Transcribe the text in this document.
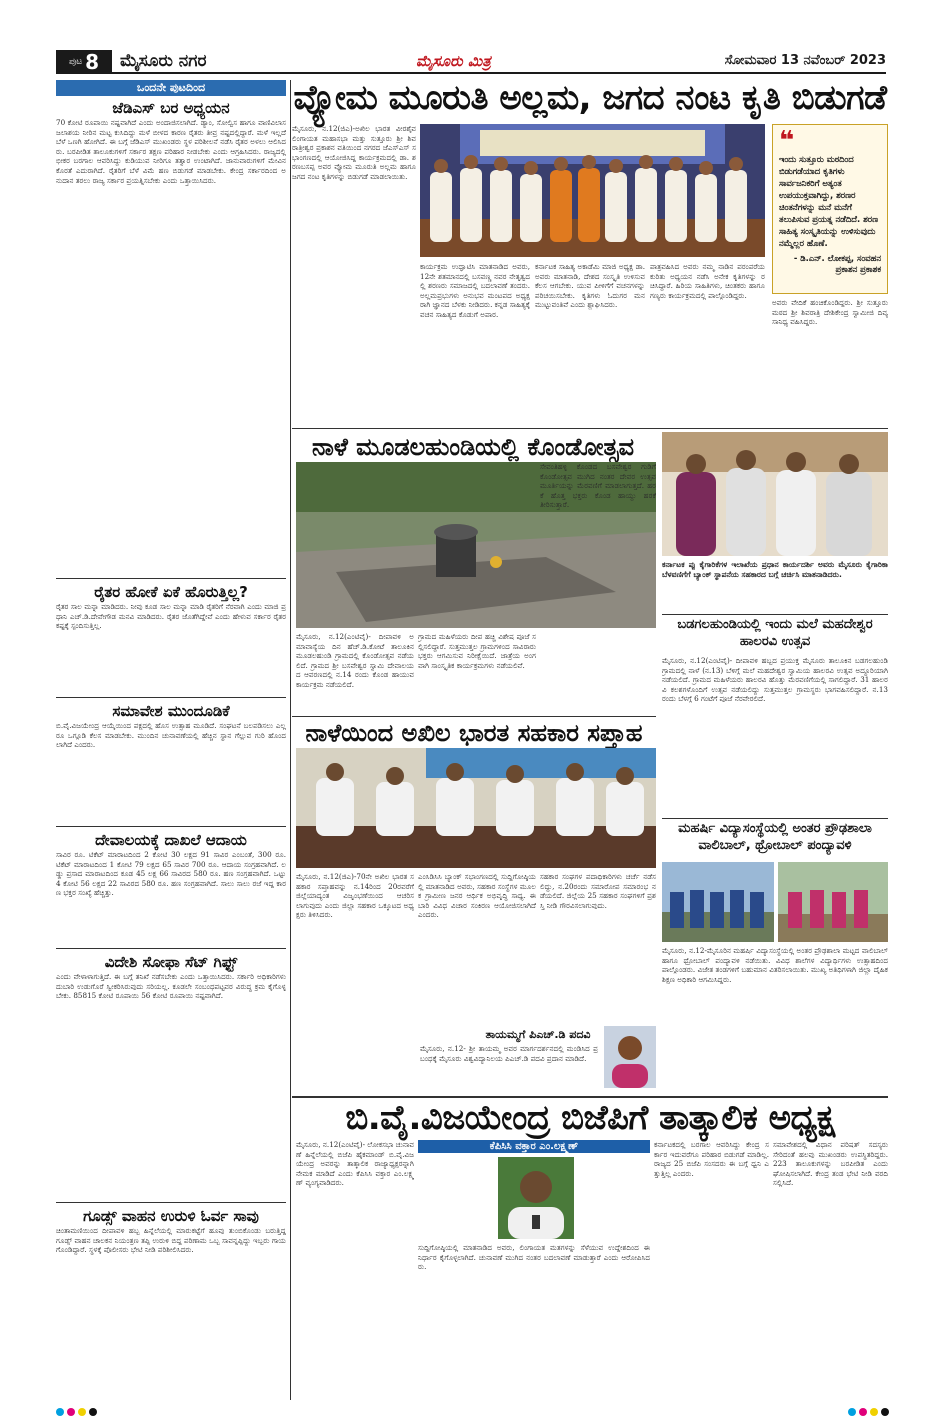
ಪುಟ 8 ಮೈಸೂರು ನಗರ	ಮೈಸೂರು ಮಿತ್ರ	ಸೋಮವಾರ 13 ನವೆಂಬರ್ 2023
ಒಂದನೇ ಪುಟದಿಂದ
ಜೆಡಿಎಸ್ ಬರ ಅಧ್ಯಯನ
70 ಕೋಟಿ ರೂಪಾಯಿ ನಷ್ಟವಾಗಿದೆ ಎಂದು ಅಂದಾಜಿಸಲಾಗಿದೆ. ಡ್ಯಾಂ, ಸೋಲ್ವಿಸ ಹಾಗೂ ವಾಣಿವಿಲಾಸ ಜಲಾಶಯ ನೀರಿನ ಮಟ್ಟ ಕುಸಿದಿದ್ದು ಮಳೆ ಬೀಳದ ಕಾರಣ ರೈತರು ತೀವ್ರ ನಷ್ಟದಲ್ಲಿದ್ದಾರೆ. ಮಳೆ ಇಲ್ಲದೆ ಬೆಳೆ ಒಣಗಿ ಹೋಗಿದೆ. ಈ ಬಗ್ಗೆ ಜೆಡಿಎಸ್ ಮುಖಂಡರು ಸ್ಥಳ ಪರಿಶೀಲನೆ ನಡೆಸಿ ರೈತರ ಅಳಲು ಆಲಿಸಿದರು. ಬರಪೀಡಿತ ತಾಲೂಕುಗಳಿಗೆ ಸರ್ಕಾರ ತಕ್ಷಣ ಪರಿಹಾರ ನೀಡಬೇಕು ಎಂದು ಆಗ್ರಹಿಸಿದರು. ರಾಜ್ಯದಲ್ಲಿ ಭೀಕರ ಬರಗಾಲ ಆವರಿಸಿದ್ದು ಕುಡಿಯುವ ನೀರಿಗೂ ತತ್ವಾರ ಉಂಟಾಗಿದೆ. ಜಾನುವಾರುಗಳಿಗೆ ಮೇವಿನ ಕೊರತೆ ಎದುರಾಗಿದೆ. ರೈತರಿಗೆ ಬೆಳೆ ವಿಮೆ ಹಣ ಬಿಡುಗಡೆ ಮಾಡಬೇಕು. ಕೇಂದ್ರ ಸರ್ಕಾರದಿಂದ ಅನುದಾನ ತರಲು ರಾಜ್ಯ ಸರ್ಕಾರ ಪ್ರಯತ್ನಿಸಬೇಕು ಎಂದು ಒತ್ತಾಯಿಸಿದರು.
ರೈತರ ಹೋಕೆ ಏಕೆ ಹೊರುತ್ತಿಲ್ಲ?
ರೈತರ ಸಾಲ ಮನ್ನಾ ಮಾಡಿದರು. ನೀವು ಕೂಡ ಸಾಲ ಮನ್ನಾ ಮಾಡಿ ರೈತರಿಗೆ ನೆರವಾಗಿ ಎಂದು ಮಾಜಿ ಪ್ರಧಾನಿ ಎಚ್.ಡಿ.ದೇವೇಗೌಡ ಮನವಿ ಮಾಡಿದರು. ರೈತರ ಜೊತೆಗಿದ್ದೇವೆ ಎಂದು ಹೇಳುವ ಸರ್ಕಾರ ರೈತರ ಕಷ್ಟಕ್ಕೆ ಸ್ಪಂದಿಸುತ್ತಿಲ್ಲ.
ಸಮಾವೇಶ ಮುಂದೂಡಿಕೆ
ಬಿ.ವೈ.ವಿಜಯೇಂದ್ರ ಆಯ್ಕೆಯಿಂದ ಪಕ್ಷದಲ್ಲಿ ಹೊಸ ಉತ್ಸಾಹ ಮೂಡಿದೆ. ಸಂಘಟನೆ ಬಲಪಡಿಸಲು ಎಲ್ಲರೂ ಒಗ್ಗೂಡಿ ಕೆಲಸ ಮಾಡಬೇಕು. ಮುಂದಿನ ಚುನಾವಣೆಯಲ್ಲಿ ಹೆಚ್ಚಿನ ಸ್ಥಾನ ಗೆಲ್ಲುವ ಗುರಿ ಹೊಂದಲಾಗಿದೆ ಎಂದರು.
ದೇವಾಲಯಕ್ಕೆ ದಾಖಲೆ ಆದಾಯ
ಸಾವಿರ ರೂ. ಟಿಕೆಟ್ ಮಾರಾಟದಿಂದ 2 ಕೋಟಿ 30 ಲಕ್ಷದ 91 ಸಾವಿರ ಎಂಬಂತೆ, 300 ರೂ. ಟಿಕೆಟ್ ಮಾರಾಟದಿಂದ 1 ಕೋಟಿ 79 ಲಕ್ಷದ 65 ಸಾವಿರ 700 ರೂ. ಆದಾಯ ಸಂಗ್ರಹವಾಗಿದೆ. ಲಡ್ಡು ಪ್ರಸಾದ ಮಾರಾಟದಿಂದ ಕೂಡ 45 ಲಕ್ಷ 66 ಸಾವಿರದ 580 ರೂ. ಹಣ ಸಂಗ್ರಹವಾಗಿದೆ. ಒಟ್ಟು 4 ಕೋಟಿ 56 ಲಕ್ಷದ 22 ಸಾವಿರದ 580 ರೂ. ಹಣ ಸಂಗ್ರಹವಾಗಿದೆ. ಸಾಲು ಸಾಲು ರಜೆ ಇದ್ದ ಕಾರಣ ಭಕ್ತರ ಸಂಖ್ಯೆ ಹೆಚ್ಚಿತ್ತು.
ವಿದೇಶಿ ಸೋಫಾ ಸೆಟ್ ಗಿಫ್ಟ್
ಎಂದು ವೇಳಾಳಾಗುತ್ತಿದೆ. ಈ ಬಗ್ಗೆ ತನಿಖೆ ನಡೆಸಬೇಕು ಎಂದು ಒತ್ತಾಯಿಸಿದರು. ಸರ್ಕಾರಿ ಅಧಿಕಾರಿಗಳು ದುಬಾರಿ ಉಡುಗೊರೆ ಸ್ವೀಕರಿಸಿರುವುದು ಸರಿಯಲ್ಲ. ಕೂಡಲೇ ಸಂಬಂಧಪಟ್ಟವರ ವಿರುದ್ಧ ಕ್ರಮ ಕೈಗೊಳ್ಳಬೇಕು. 85815 ಕೋಟಿ ರೂಪಾಯಿ 56 ಕೋಟಿ ರೂಪಾಯಿ ನಷ್ಟವಾಗಿದೆ.
ಗೂಡ್ಸ್ ವಾಹನ ಉರುಳಿ ಓರ್ವ ಸಾವು
ಚಿಂತಾಮಣಿಯಿಂದ ದೀಪಾವಳಿ ಹಬ್ಬ ಹಿನ್ನೆಲೆಯಲ್ಲಿ ಮಾರುಕಟ್ಟೆಗೆ ಹೂವು ತುಂಬಿಕೊಂಡು ಬರುತ್ತಿದ್ದ ಗೂಡ್ಸ್ ವಾಹನ ಚಾಲಕನ ನಿಯಂತ್ರಣ ತಪ್ಪಿ ಉರುಳಿ ಬಿದ್ದ ಪರಿಣಾಮ ಒಬ್ಬ ಸಾವನ್ನಪ್ಪಿದ್ದು ಇಬ್ಬರು ಗಾಯಗೊಂಡಿದ್ದಾರೆ. ಸ್ಥಳಕ್ಕೆ ಪೊಲೀಸರು ಭೇಟಿ ನೀಡಿ ಪರಿಶೀಲಿಸಿದರು.
ವ್ಯೋಮ ಮೂರುತಿ ಅಲ್ಲಮ, ಜಗದ ನಂಟ ಕೃತಿ ಬಿಡುಗಡೆ
ಮೈಸೂರು, ನ.12(ಜಿಎ)-ಅಖಿಲ ಭಾರತ ವೀರಶೈವ ಲಿಂಗಾಯತ ಮಹಾಸಭಾ ಮತ್ತು ಸುತ್ತೂರು ಶ್ರೀ ಶಿವರಾತ್ರೀಶ್ವರ ಪ್ರಕಾಶನ ವತಿಯಿಂದ ನಗರದ ಜೆಎಸ್‌ಎಸ್ ಸಭಾಂಗಣದಲ್ಲಿ ಆಯೋಜಿಸಿದ್ದ ಕಾರ್ಯಕ್ರಮದಲ್ಲಿ ಡಾ. ಶರಣಬಸಪ್ಪ ಅವರ ವ್ಯೋಮ ಮೂರುತಿ ಅಲ್ಲಮ ಹಾಗೂ ಜಗದ ನಂಟ ಕೃತಿಗಳನ್ನು ಬಿಡುಗಡೆ ಮಾಡಲಾಯಿತು.
ಕಾರ್ಯಕ್ರಮ ಉದ್ಘಾಟಿಸಿ ಮಾತನಾಡಿದ ಅವರು, 12ನೇ ಶತಮಾನದಲ್ಲಿ ಬಸವಣ್ಣ ನವರ ನೇತೃತ್ವದಲ್ಲಿ ಶರಣರು ಸಮಾಜದಲ್ಲಿ ಬದಲಾವಣೆ ತಂದರು. ಅಲ್ಲಮಪ್ರಭುಗಳು ಅನುಭವ ಮಂಟಪದ ಅಧ್ಯಕ್ಷರಾಗಿ ಜ್ಞಾನದ ಬೆಳಕು ನೀಡಿದರು. ಕನ್ನಡ ಸಾಹಿತ್ಯಕ್ಕೆ ವಚನ ಸಾಹಿತ್ಯದ ಕೊಡುಗೆ ಅಪಾರ.
ಕರ್ನಾಟಕ ಸಾಹಿತ್ಯ ಅಕಾಡೆಮಿ ಮಾಜಿ ಅಧ್ಯಕ್ಷ ಡಾ. ಅವರು ಮಾತನಾಡಿ, ದೇಶದ ಸಂಸ್ಕೃತಿ ಉಳಿಸುವ ಕೆಲಸ ಆಗಬೇಕು. ಯುವ ಪೀಳಿಗೆಗೆ ವಚನಗಳನ್ನು ಪರಿಚಯಿಸಬೇಕು. ಕೃತಿಗಳು ಓದುಗರ ಮನ ಮುಟ್ಟುವಂತಿವೆ ಎಂದು ಶ್ಲಾಘಿಸಿದರು.
ಪಾತ್ರವಹಿಸಿದ ಅವರು ನಮ್ಮ ನಾಡಿನ ಪರಂಪರೆಯ ಕುರಿತು ಅಧ್ಯಯನ ನಡೆಸಿ ಅನೇಕ ಕೃತಿಗಳನ್ನು ರಚಿಸಿದ್ದಾರೆ. ಹಿರಿಯ ಸಾಹಿತಿಗಳು, ಚಿಂತಕರು ಹಾಗೂ ಗಣ್ಯರು ಕಾರ್ಯಕ್ರಮದಲ್ಲಿ ಪಾಲ್ಗೊಂಡಿದ್ದರು.
❝
ಇಂದು ಸುತ್ತೂರು ಮಠದಿಂದ ಬಿಡುಗಡೆಯಾದ ಕೃತಿಗಳು ಸಾರ್ವಜನಿಕರಿಗೆ ಅತ್ಯಂತ ಉಪಯುಕ್ತವಾಗಿದ್ದು, ಶರಣರ ಚಿಂತನೆಗಳನ್ನು ಮನೆ ಮನೆಗೆ ತಲುಪಿಸುವ ಪ್ರಯತ್ನ ನಡೆದಿದೆ. ಶರಣ ಸಾಹಿತ್ಯ ಸಂಸ್ಕೃತಿಯನ್ನು ಉಳಿಸುವುದು ನಮ್ಮೆಲ್ಲರ ಹೊಣೆ.
- ಡಿ.ಎನ್. ಲೋಕಪ್ಪ, ಸಂವಹನ ಪ್ರಕಾಶನ ಪ್ರಕಾಶಕ
ಅವರು ವೇದಿಕೆ ಹಂಚಿಕೊಂಡಿದ್ದರು. ಶ್ರೀ ಸುತ್ತೂರು ಮಠದ ಶ್ರೀ ಶಿವರಾತ್ರಿ ದೇಶಿಕೇಂದ್ರ ಸ್ವಾಮೀಜಿ ದಿವ್ಯ ಸಾನಿಧ್ಯ ವಹಿಸಿದ್ದರು.
ನಾಳೆ ಮೂಡಲಹುಂಡಿಯಲ್ಲಿ ಕೊಂಡೋತ್ಸವ
ಮೈಸೂರು, ನ.12(ಎಂಟಿವೈ)- ದೀಪಾವಳಿ ಅಮಾವಾಸ್ಯೆಯ ದಿನ ಹೆಚ್.ಡಿ.ಕೋಟೆ ತಾಲೂಕಿನ ಮೂಡಲಹುಂಡಿ ಗ್ರಾಮದಲ್ಲಿ ಕೊಂಡೋತ್ಸವ ನಡೆಯಲಿದೆ. ಗ್ರಾಮದ ಶ್ರೀ ಬಸವೇಶ್ವರ ಸ್ವಾಮಿ ದೇವಾಲಯದ ಆವರಣದಲ್ಲಿ ನ.14 ರಂದು ಕೊಂಡ ಹಾಯುವ ಕಾರ್ಯಕ್ರಮ ನಡೆಯಲಿದೆ.
ಗ್ರಾಮದ ಮಹಿಳೆಯರು ದೀಪ ಹಚ್ಚಿ ವಿಶೇಷ ಪೂಜೆ ಸಲ್ಲಿಸಲಿದ್ದಾರೆ. ಸುತ್ತಮುತ್ತಲ ಗ್ರಾಮಗಳಿಂದ ಸಾವಿರಾರು ಭಕ್ತರು ಆಗಮಿಸುವ ನಿರೀಕ್ಷೆಯಿದೆ. ಜಾತ್ರೆಯ ಅಂಗವಾಗಿ ಸಾಂಸ್ಕೃತಿಕ ಕಾರ್ಯಕ್ರಮಗಳು ನಡೆಯಲಿವೆ.
ಸೇವಂತಿಹಳ್ಳಿ ಕೊಂಡದ ಬಸವೇಶ್ವರ ಗುಡಿಗೆ ಕೊಂಡೋತ್ಸವ ಮುಗಿದ ನಂತರ ದೇವರ ಉತ್ಸವ ಮೂರ್ತಿಯನ್ನು ಮೆರವಣಿಗೆ ಮಾಡಲಾಗುತ್ತದೆ. ಹರಕೆ ಹೊತ್ತ ಭಕ್ತರು ಕೊಂಡ ಹಾಯ್ದು ಹರಕೆ ತೀರಿಸುತ್ತಾರೆ.
ಕರ್ನಾಟಕ ಪ್ಪು ಕೈಗಾರಿಕೆಗಳ ಇಲಾಖೆಯ ಪ್ರಧಾನ ಕಾರ್ಯದರ್ಶಿ ಅವರು ಮೈಸೂರು ಕೈಗಾರಿಕಾ ಬೆಳವಣಿಗೆಗೆ ಬ್ಯಾಂಕ್ ಸ್ಥಾಪನೆಯ ಸಹಕಾರದ ಬಗ್ಗೆ ಚರ್ಚಿಸಿ ಮಾತನಾಡಿದರು.
ಬಡಗಲಹುಂಡಿಯಲ್ಲಿ ಇಂದು ಮಲೆ ಮಹದೇಶ್ವರ ಹಾಲರವಿ ಉತ್ಸವ
ಮೈಸೂರು, ನ.12(ಎಂಟಿವೈ)- ದೀಪಾವಳಿ ಹಬ್ಬದ ಪ್ರಯುಕ್ತ ಮೈಸೂರು ತಾಲೂಕಿನ ಬಡಗಲಹುಂಡಿ ಗ್ರಾಮದಲ್ಲಿ ನಾಳೆ (ನ.13) ಬೆಳಿಗ್ಗೆ ಮಲೆ ಮಹದೇಶ್ವರ ಸ್ವಾಮಿಯ ಹಾಲರವಿ ಉತ್ಸವ ಅದ್ಧೂರಿಯಾಗಿ ನಡೆಯಲಿದೆ. ಗ್ರಾಮದ ಮಹಿಳೆಯರು ಹಾಲರವಿ ಹೊತ್ತು ಮೆರವಣಿಗೆಯಲ್ಲಿ ಸಾಗಲಿದ್ದಾರೆ. 31 ಹಾಲರವಿ ಕಲಶಗಳೊಂದಿಗೆ ಉತ್ಸವ ನಡೆಯಲಿದ್ದು ಸುತ್ತಮುತ್ತಲ ಗ್ರಾಮಸ್ಥರು ಭಾಗವಹಿಸಲಿದ್ದಾರೆ. ನ.13ರಂದು ಬೆಳಗ್ಗೆ 6 ಗಂಟೆಗೆ ಪೂಜೆ ನೆರವೇರಲಿದೆ.
ನಾಳೆಯಿಂದ ಅಖಿಲ ಭಾರತ ಸಹಕಾರ ಸಪ್ತಾಹ
ಮೈಸೂರು, ನ.12(ಜಿಎ)-70ನೇ ಅಖಿಲ ಭಾರತ ಸಹಕಾರ ಸಪ್ತಾಹವನ್ನು ನ.14ರಿಂದ 20ರವರೆಗೆ ಜಿಲ್ಲೆಯಾದ್ಯಂತ ವಿಜೃಂಭಣೆಯಿಂದ ಆಚರಿಸಲಾಗುವುದು ಎಂದು ಜಿಲ್ಲಾ ಸಹಕಾರ ಒಕ್ಕೂಟದ ಅಧ್ಯಕ್ಷರು ತಿಳಿಸಿದರು.
ಎಂಸಿಡಿಸಿಸಿ ಬ್ಯಾಂಕ್ ಸಭಾಂಗಣದಲ್ಲಿ ಸುದ್ದಿಗೋಷ್ಠಿಯಲ್ಲಿ ಮಾತನಾಡಿದ ಅವರು, ಸಹಕಾರ ಸಂಸ್ಥೆಗಳ ಮೂಲಕ ಗ್ರಾಮೀಣ ಜನರ ಆರ್ಥಿಕ ಅಭಿವೃದ್ಧಿ ಸಾಧ್ಯ. ಈ ಬಾರಿ ವಿವಿಧ ವಿಚಾರ ಸಂಕಿರಣ ಆಯೋಜಿಸಲಾಗಿದೆ ಎಂದರು.
ಸಹಕಾರ ಸಂಘಗಳ ಪದಾಧಿಕಾರಿಗಳು ಚರ್ಚೆ ನಡೆಸಲಿದ್ದು, ನ.20ರಂದು ಸಮಾರೋಪ ಸಮಾರಂಭ ನಡೆಯಲಿದೆ. ಜಿಲ್ಲೆಯ 25 ಸಹಕಾರ ಸಂಘಗಳಿಗೆ ಪ್ರಶಸ್ತಿ ನೀಡಿ ಗೌರವಿಸಲಾಗುವುದು.
ತಾಯಮ್ಮಗೆ ಪಿಎಚ್.ಡಿ ಪದವಿ
ಮೈಸೂರು, ನ.12- ಶ್ರೀ ತಾಯಮ್ಮ ಅವರ ಮಾರ್ಗದರ್ಶನದಲ್ಲಿ ಮಂಡಿಸಿದ ಪ್ರಬಂಧಕ್ಕೆ ಮೈಸೂರು ವಿಶ್ವವಿದ್ಯಾನಿಲಯ ಪಿಎಚ್.ಡಿ ಪದವಿ ಪ್ರದಾನ ಮಾಡಿದೆ.
ಮಹರ್ಷಿ ವಿದ್ಯಾಸಂಸ್ಥೆಯಲ್ಲಿ ಅಂತರ ಪ್ರೌಢಶಾಲಾ ವಾಲಿಬಾಲ್, ಥ್ರೋಬಾಲ್ ಪಂದ್ಯಾವಳಿ
ಮೈಸೂರು, ನ.12-ಮೈಸೂರಿನ ಮಹರ್ಷಿ ವಿದ್ಯಾಸಂಸ್ಥೆಯಲ್ಲಿ ಅಂತರ ಪ್ರೌಢಶಾಲಾ ಮಟ್ಟದ ವಾಲಿಬಾಲ್ ಹಾಗೂ ಥ್ರೋಬಾಲ್ ಪಂದ್ಯಾವಳಿ ನಡೆಯಿತು. ವಿವಿಧ ಶಾಲೆಗಳ ವಿದ್ಯಾರ್ಥಿಗಳು ಉತ್ಸಾಹದಿಂದ ಪಾಲ್ಗೊಂಡರು. ವಿಜೇತ ತಂಡಗಳಿಗೆ ಬಹುಮಾನ ವಿತರಿಸಲಾಯಿತು. ಮುಖ್ಯ ಅತಿಥಿಗಳಾಗಿ ಜಿಲ್ಲಾ ದೈಹಿಕ ಶಿಕ್ಷಣ ಅಧಿಕಾರಿ ಆಗಮಿಸಿದ್ದರು.
ಬಿ.ವೈ.ವಿಜಯೇಂದ್ರ ಬಿಜೆಪಿಗೆ ತಾತ್ಕಾಲಿಕ ಅಧ್ಯಕ್ಷ
ಮೈಸೂರು, ನ.12(ಎಂಟಿವೈ)- ಲೋಕಸಭಾ ಚುನಾವಣೆ ಹಿನ್ನೆಲೆಯಲ್ಲಿ ಬಿಜೆಪಿ ಹೈಕಮಾಂಡ್ ಬಿ.ವೈ.ವಿಜಯೇಂದ್ರ ಅವರನ್ನು ತಾತ್ಕಾಲಿಕ ರಾಜ್ಯಾಧ್ಯಕ್ಷರನ್ನಾಗಿ ನೇಮಕ ಮಾಡಿದೆ ಎಂದು ಕೆಪಿಸಿಸಿ ವಕ್ತಾರ ಎಂ.ಲಕ್ಷ್ಮಣ್ ವ್ಯಂಗ್ಯವಾಡಿದರು.
ಕೆಪಿಸಿಸಿ ವಕ್ತಾರ ಎಂ.ಲಕ್ಷ್ಮಣ್
ಸುದ್ದಿಗೋಷ್ಠಿಯಲ್ಲಿ ಮಾತನಾಡಿದ ಅವರು, ಲಿಂಗಾಯತ ಮತಗಳನ್ನು ಸೆಳೆಯುವ ಉದ್ದೇಶದಿಂದ ಈ ನಿರ್ಧಾರ ಕೈಗೊಳ್ಳಲಾಗಿದೆ. ಚುನಾವಣೆ ಮುಗಿದ ನಂತರ ಬದಲಾವಣೆ ಮಾಡುತ್ತಾರೆ ಎಂದು ಆರೋಪಿಸಿದರು.
ಕರ್ನಾಟಕದಲ್ಲಿ ಬರಗಾಲ ಆವರಿಸಿದ್ದು ಕೇಂದ್ರ ಸರ್ಕಾರ ಇದುವರೆಗೂ ಪರಿಹಾರ ಬಿಡುಗಡೆ ಮಾಡಿಲ್ಲ. ರಾಜ್ಯದ 25 ಬಿಜೆಪಿ ಸಂಸದರು ಈ ಬಗ್ಗೆ ಧ್ವನಿ ಎತ್ತುತ್ತಿಲ್ಲ ಎಂದರು.
ಸಮಾವೇಶದಲ್ಲಿ ವಿಧಾನ ಪರಿಷತ್ ಸದಸ್ಯರು ಸೇರಿದಂತೆ ಹಲವು ಮುಖಂಡರು ಉಪಸ್ಥಿತರಿದ್ದರು. 223 ತಾಲೂಕುಗಳನ್ನು ಬರಪೀಡಿತ ಎಂದು ಘೋಷಿಸಲಾಗಿದೆ. ಕೇಂದ್ರ ತಂಡ ಭೇಟಿ ನೀಡಿ ವರದಿ ಸಲ್ಲಿಸಿದೆ.
